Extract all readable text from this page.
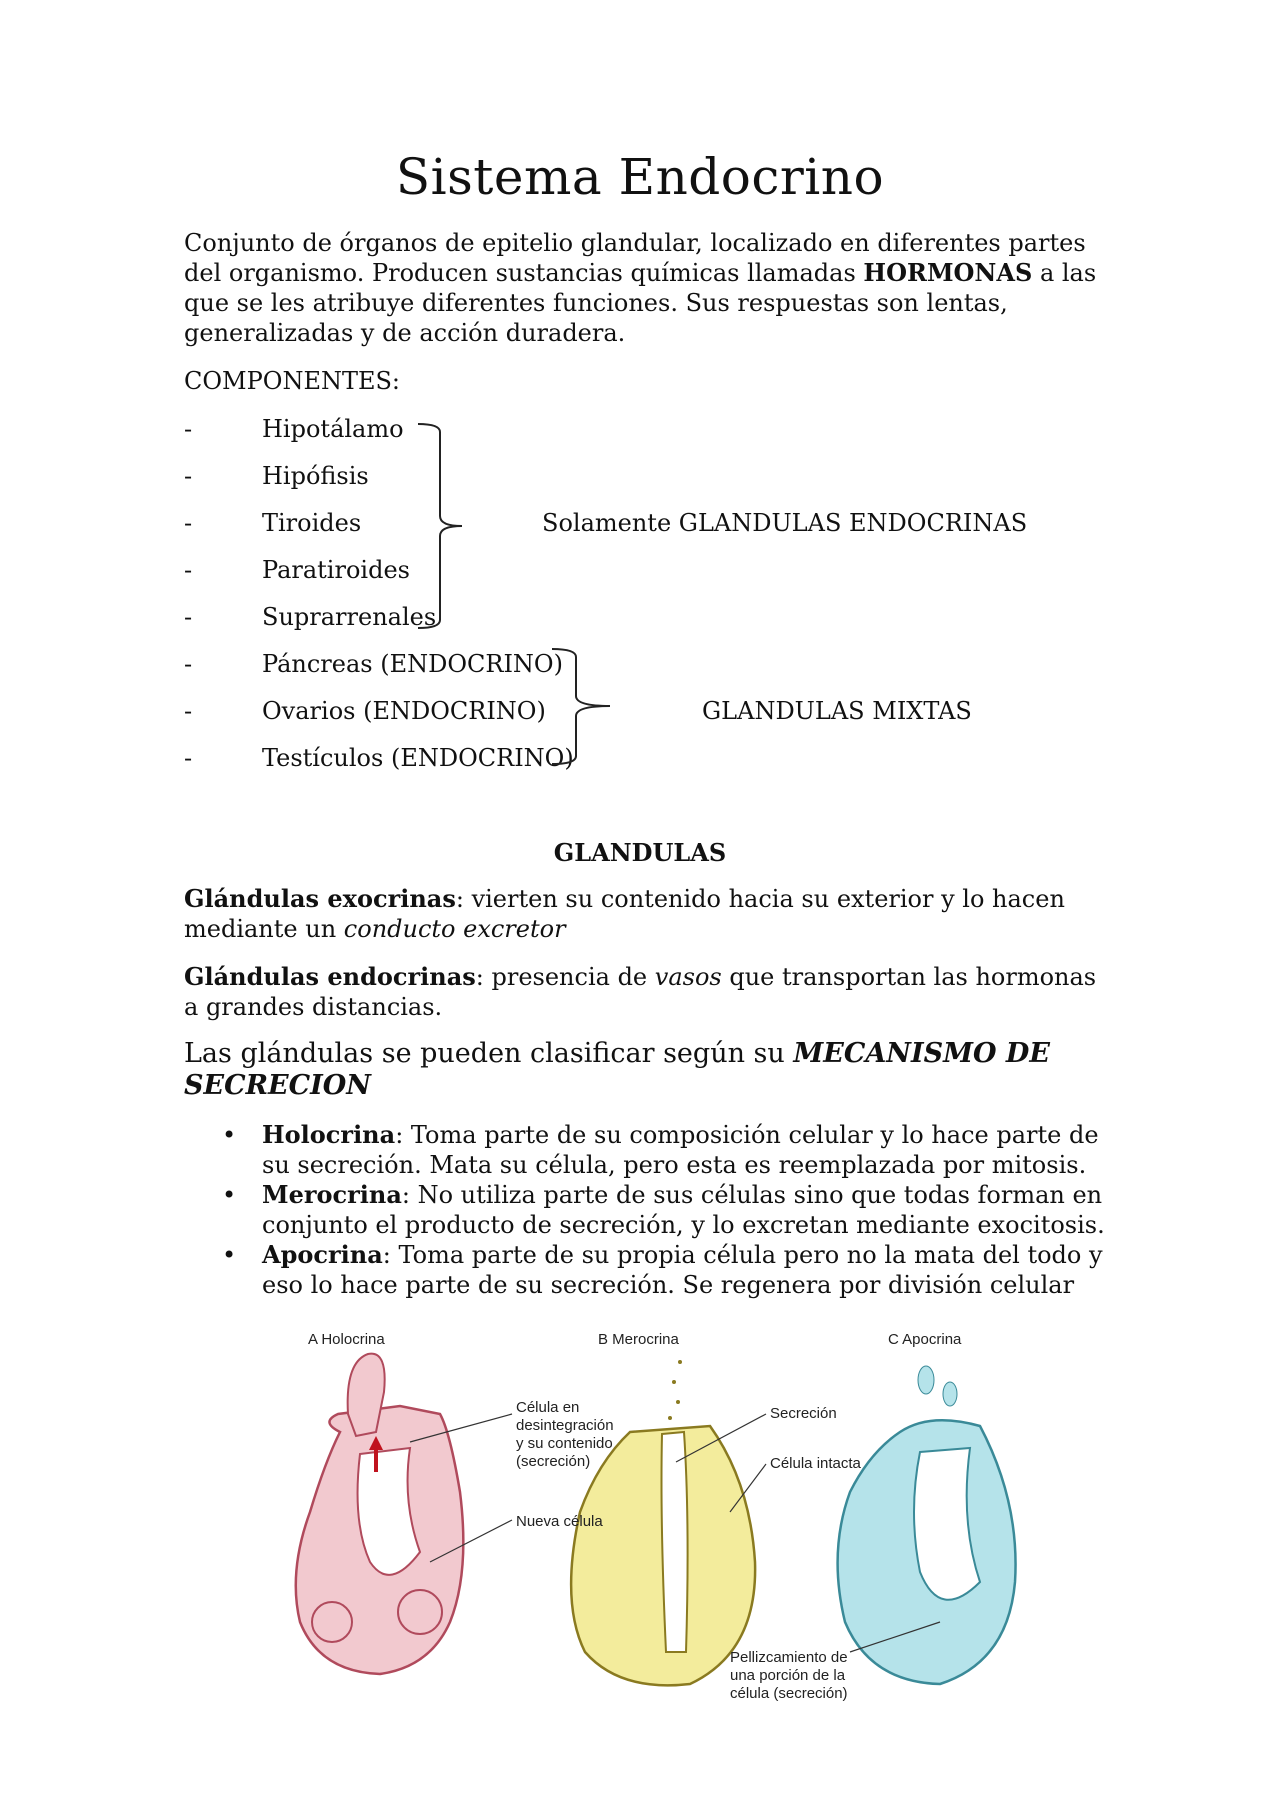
Sistema Endocrino
Conjunto de órganos de epitelio glandular, localizado en diferentes partes del organismo. Producen sustancias químicas llamadas HORMONAS a las que se les atribuye diferentes funciones. Sus respuestas son lentas, generalizadas y de acción duradera.
COMPONENTES:
-	Hipotálamo
-	Hipófisis
-	Tiroides
-	Paratiroides
-	Suprarrenales
-	Páncreas (ENDOCRINO)
-	Ovarios (ENDOCRINO)
-	Testículos (ENDOCRINO)
Solamente GLANDULAS ENDOCRINAS
GLANDULAS MIXTAS
GLANDULAS
Glándulas exocrinas: vierten su contenido hacia su exterior y lo hacen mediante un conducto excretor
Glándulas endocrinas: presencia de vasos que transportan las hormonas a grandes distancias.
Las glándulas se pueden clasificar según su MECANISMO DE SECRECION
• Holocrina: Toma parte de su composición celular y lo hace parte de su secreción. Mata su célula, pero esta es reemplazada por mitosis.
• Merocrina: No utiliza parte de sus células sino que todas forman en conjunto el producto de secreción, y lo excretan mediante exocitosis.
• Apocrina: Toma parte de su propia célula pero no la mata del todo y eso lo hace parte de su secreción. Se regenera por división celular
A Holocrina	B Merocrina	C Apocrina
Célula en
desintegración
y su contenido
(secreción)
Nueva célula
Secreción
Célula intacta
Pellizcamiento de
una porción de la
célula (secreción)
